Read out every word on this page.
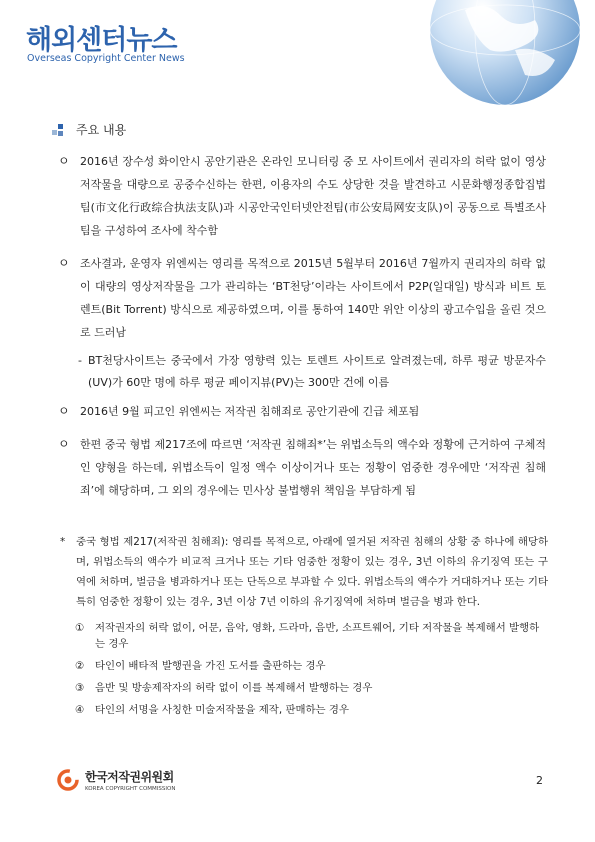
해외센터뉴스
Overseas Copyright Center News
주요 내용
ㅇ 2016년 장수성 화이안시 공안기관은 온라인 모니터링 중 모 사이트에서 권리자의 허락 없이 영상저작물을 대량으로 공중수신하는 한편, 이용자의 수도 상당한 것을 발견하고 시문화행정종합집법팀(市文化行政综合执法支队)과 시공안국인터넷안전팀(市公安局网安支队)이 공동으로 특별조사팀을 구성하여 조사에 착수함
ㅇ 조사결과, 운영자 위엔씨는 영리를 목적으로 2015년 5월부터 2016년 7월까지 권리자의 허락 없이 대량의 영상저작물을 그가 관리하는 ‘BT천당’이라는 사이트에서 P2P(일대일) 방식과 비트 토렌트(Bit Torrent) 방식으로 제공하였으며, 이를 통하여 140만 위안 이상의 광고수입을 올린 것으로 드러남
- BT천당사이트는 중국에서 가장 영향력 있는 토렌트 사이트로 알려졌는데, 하루 평균 방문자수(UV)가 60만 명에 하루 평균 페이지뷰(PV)는 300만 건에 이름
ㅇ 2016년 9월 피고인 위엔씨는 저작권 침해죄로 공안기관에 긴급 체포됨
ㅇ 한편 중국 형법 제217조에 따르면 ‘저작권 침해죄*’는 위법소득의 액수와 정황에 근거하여 구체적인 양형을 하는데, 위법소득이 일정 액수 이상이거나 또는 정황이 엄중한 경우에만 ‘저작권 침해죄’에 해당하며, 그 외의 경우에는 민사상 불법행위 책임을 부담하게 됨
*	중국 형법 제217(저작권 침해죄): 영리를 목적으로, 아래에 열거된 저작권 침해의 상황 중 하나에 해당하며, 위법소득의 액수가 비교적 크거나 또는 기타 엄중한 정황이 있는 경우, 3년 이하의 유기징역 또는 구역에 처하며, 벌금을 병과하거나 또는 단독으로 부과할 수 있다. 위법소득의 액수가 거대하거나 또는 기타 특히 엄중한 정황이 있는 경우, 3년 이상 7년 이하의 유기징역에 처하며 벌금을 병과 한다.
①	저작권자의 허락 없이, 어문, 음악, 영화, 드라마, 음반, 소프트웨어, 기타 저작물을 복제해서 발행하는 경우
②	타인이 배타적 발행권을 가진 도서를 출판하는 경우
③	음반 및 방송제작자의 허락 없이 이를 복제해서 발행하는 경우
④	타인의 서명을 사칭한 미술저작물을 제작, 판매하는 경우
한국저작권위원회
KOREA COPYRIGHT COMMISSION
2
